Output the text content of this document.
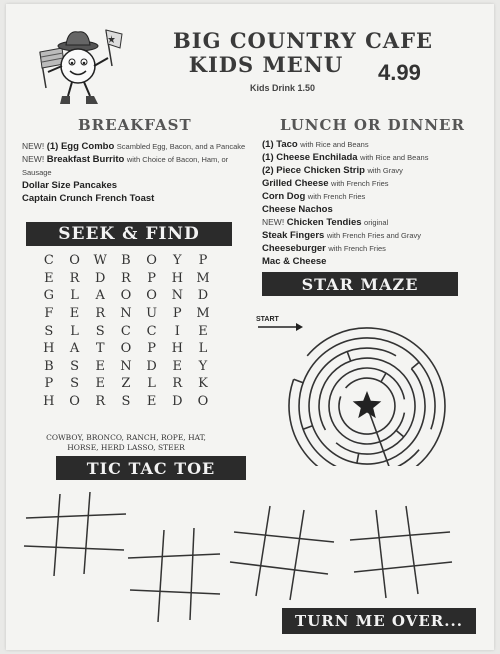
BIG COUNTRY CAFE
KIDS MENU	4.99
Kids Drink 1.50
BREAKFAST
NEW! (1) Egg Combo Scambled Egg, Bacon, and a Pancake
NEW! Breakfast Burrito with Choice of Bacon, Ham, or Sausage
Dollar Size Pancakes
Captain Crunch French Toast
LUNCH OR DINNER
(1) Taco with Rice and Beans
(1) Cheese Enchilada with Rice and Beans
(2) Piece Chicken Strip with Gravy
Grilled Cheese with French Fries
Corn Dog with French Fries
Cheese Nachos
NEW! Chicken Tendies original
Steak Fingers with French Fries and Gravy
Cheeseburger with French Fries
Mac & Cheese
SEEK & FIND
C	O	W	B	O	Y	P
E	R	D	R	P	H	M
G	L	A	O	O	N	D
F	E	R	N	U	P	M
S	L	S	C	C	I	E
H	A	T	O	P	H	L
B	S	E	N	D	E	Y
P	S	E	Z	L	R	K
H	O	R	S	E	D	O
COWBOY, BRONCO, RANCH, ROPE, HAT, HORSE, HERD LASSO, STEER
STAR MAZE
START
TIC TAC TOE
TURN ME OVER...
